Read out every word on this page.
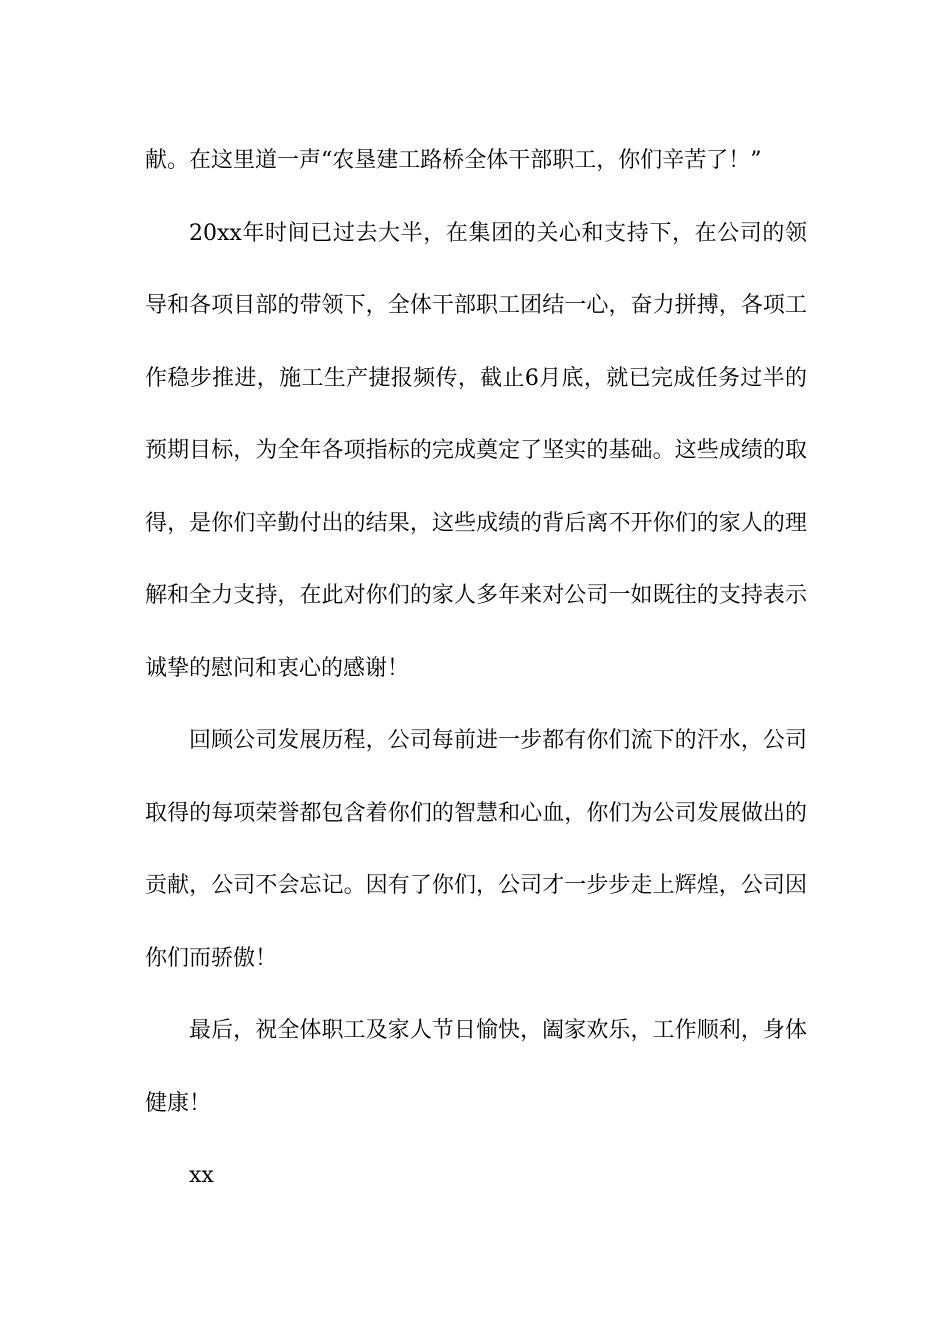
献。在这里道一声“农垦建工路桥全体干部职工，你们辛苦了！”

20xx年时间已过去大半，在集团的关心和支持下，在公司的领导和各项目部的带领下，全体干部职工团结一心，奋力拼搏，各项工作稳步推进，施工生产捷报频传，截止6月底，就已完成任务过半的预期目标，为全年各项指标的完成奠定了坚实的基础。这些成绩的取得，是你们辛勤付出的结果，这些成绩的背后离不开你们的家人的理解和全力支持，在此对你们的家人多年来对公司一如既往的支持表示诚挚的慰问和衷心的感谢！

回顾公司发展历程，公司每前进一步都有你们流下的汗水，公司取得的每项荣誉都包含着你们的智慧和心血，你们为公司发展做出的贡献，公司不会忘记。因有了你们，公司才一步步走上辉煌，公司因你们而骄傲！

最后，祝全体职工及家人节日愉快，阖家欢乐，工作顺利，身体健康！

xx
